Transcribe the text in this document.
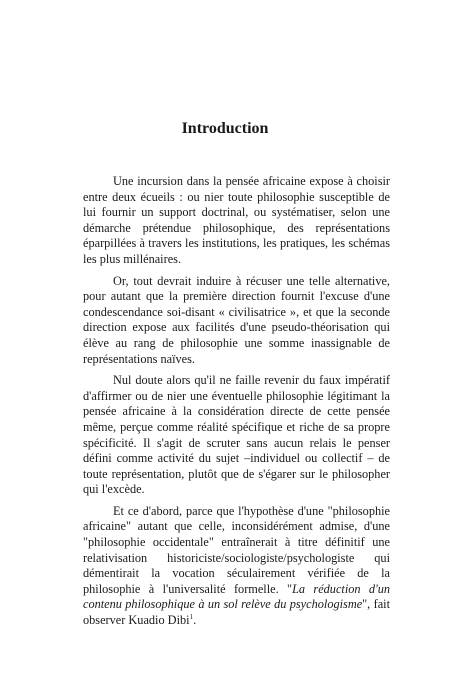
Introduction

Une incursion dans la pensée africaine expose à choisir entre deux écueils : ou nier toute philosophie susceptible de lui fournir un support doctrinal, ou systématiser, selon une démarche prétendue philosophique, des représentations éparpillées à travers les institutions, les pratiques, les schémas les plus millénaires.

Or, tout devrait induire à récuser une telle alternative, pour autant que la première direction fournit l'excuse d'une condescendance soi-disant « civilisatrice », et que la seconde direction expose aux facilités d'une pseudo-théorisation qui élève au rang de philosophie une somme inassignable de représentations naïves.

Nul doute alors qu'il ne faille revenir du faux impératif d'affirmer ou de nier une éventuelle philosophie légitimant la pensée africaine à la considération directe de cette pensée même, perçue comme réalité spécifique et riche de sa propre spécificité. Il s'agit de scruter sans aucun relais le penser défini comme activité du sujet –individuel ou collectif – de toute représentation, plutôt que de s'égarer sur le philosopher qui l'excède.

Et ce d'abord, parce que l'hypothèse d'une "philosophie africaine" autant que celle, inconsidérément admise, d'une "philosophie occidentale" entraînerait à titre définitif une relativisation historiciste/sociologiste/psychologiste qui démentirait la vocation séculairement vérifiée de la philosophie à l'universalité formelle. "La réduction d'un contenu philosophique à un sol relève du psychologisme", fait observer Kuadio Dibi$^1$.
